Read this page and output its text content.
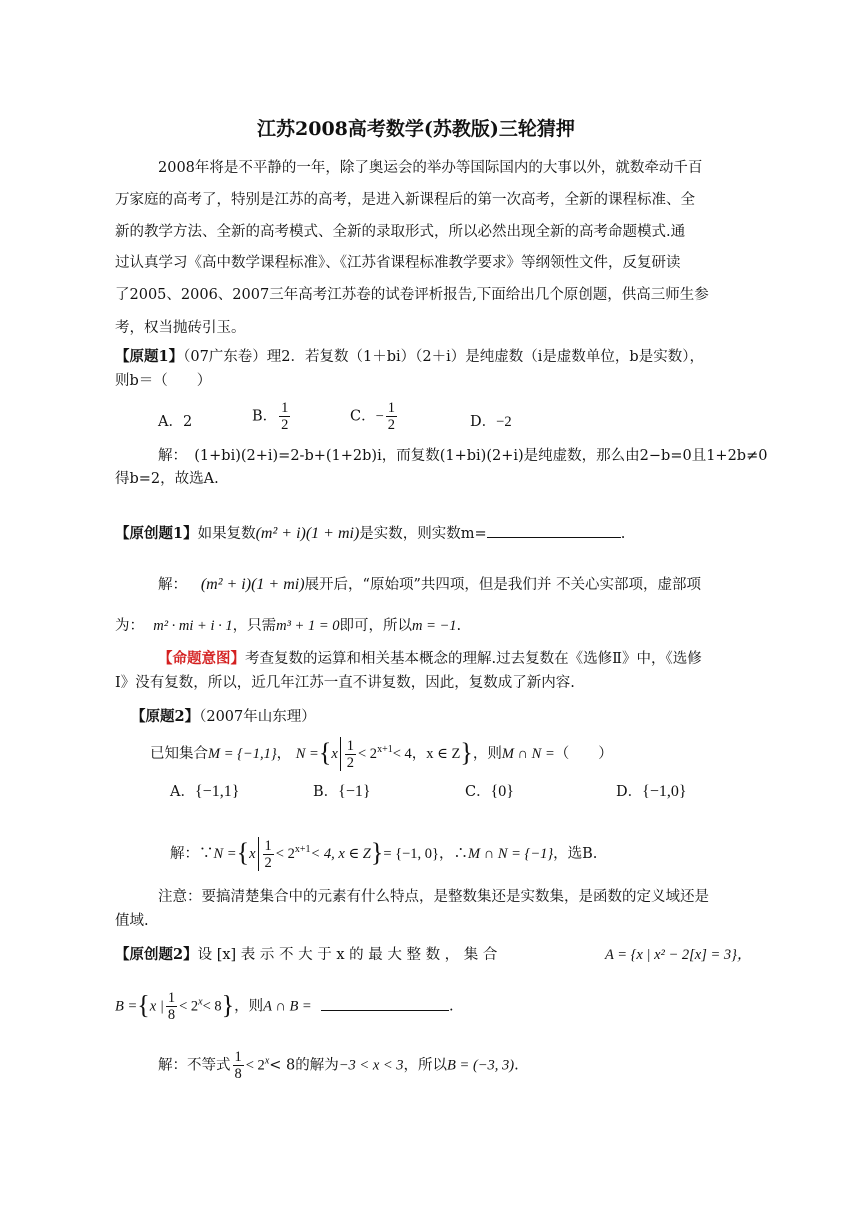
江苏2008高考数学(苏教版)三轮猜押
2008年将是不平静的一年，除了奥运会的举办等国际国内的大事以外，就数牵动千百
万家庭的高考了，特别是江苏的高考，是进入新课程后的第一次高考，全新的课程标准、全
新的教学方法、全新的高考模式、全新的录取形式，所以必然出现全新的高考命题模式.通
过认真学习《高中数学课程标准》、《江苏省课程标准教学要求》等纲领性文件，反复研读
了2005、2006、2007三年高考江苏卷的试卷评析报告,下面给出几个原创题，供高三师生参
考，权当抛砖引玉。
【原题1】（07广东卷）理2．若复数（1＋bi）（2＋i）是纯虚数（i是虚数单位，b是实数），
则b＝（　　）
A．2	B． $\frac{1}{2}$	C．− $\frac{1}{2}$	D．−2
解：　(1+bi)(2+i)=2-b+(1+2b)i，而复数(1+bi)(2+i)是纯虚数，那么由2−b=0且1+2b≠0
得b=2，故选A.
【原创题1】如果复数(m² + i)(1 + mi)是实数，则实数m=	.
解： (m² + i)(1 + mi)展开后，“原始项”共四项，但是我们并 不关心实部项，虚部项
为： m² · mi + i · 1，只需m³ + 1 = 0即可，所以m = −1.
【命题意图】考查复数的运算和相关基本概念的理解.过去复数在《选修Ⅱ》中，《选修
Ⅰ》没有复数，所以，近几年江苏一直不讲复数，因此，复数成了新内容.
【原题2】（2007年山东理）
已知集合M = {−1,1}， $N =\{x \frac{1}{2} < 2^{x+1}< 4$，x ∈ Z}，则M ∩ N =（　　）
A．{−1,1}	B．{−1}	C．{0}	D．{−1,0}
解：∵N $=\{x \frac{1}{2} < 2^{x+1}< 4$, x ∈ Z}= {−1, 0}，∴M ∩ N = {−1}，选B.
注意：要搞清楚集合中的元素有什么特点，是整数集还是实数集，是函数的定义域还是
值域.
【原创题2】设 [x] 表 示 不 大 于 x 的 最 大 整 数 ， 集 合	A = {x | x² − 2[x] = 3}，
B ={x | $\frac{1}{8} < 2^x< 8$}，则A ∩ B =	.
解：不等式 $\frac{1}{8} < 2^x< 8$的解为−3 < x < 3，所以B = (−3, 3).
